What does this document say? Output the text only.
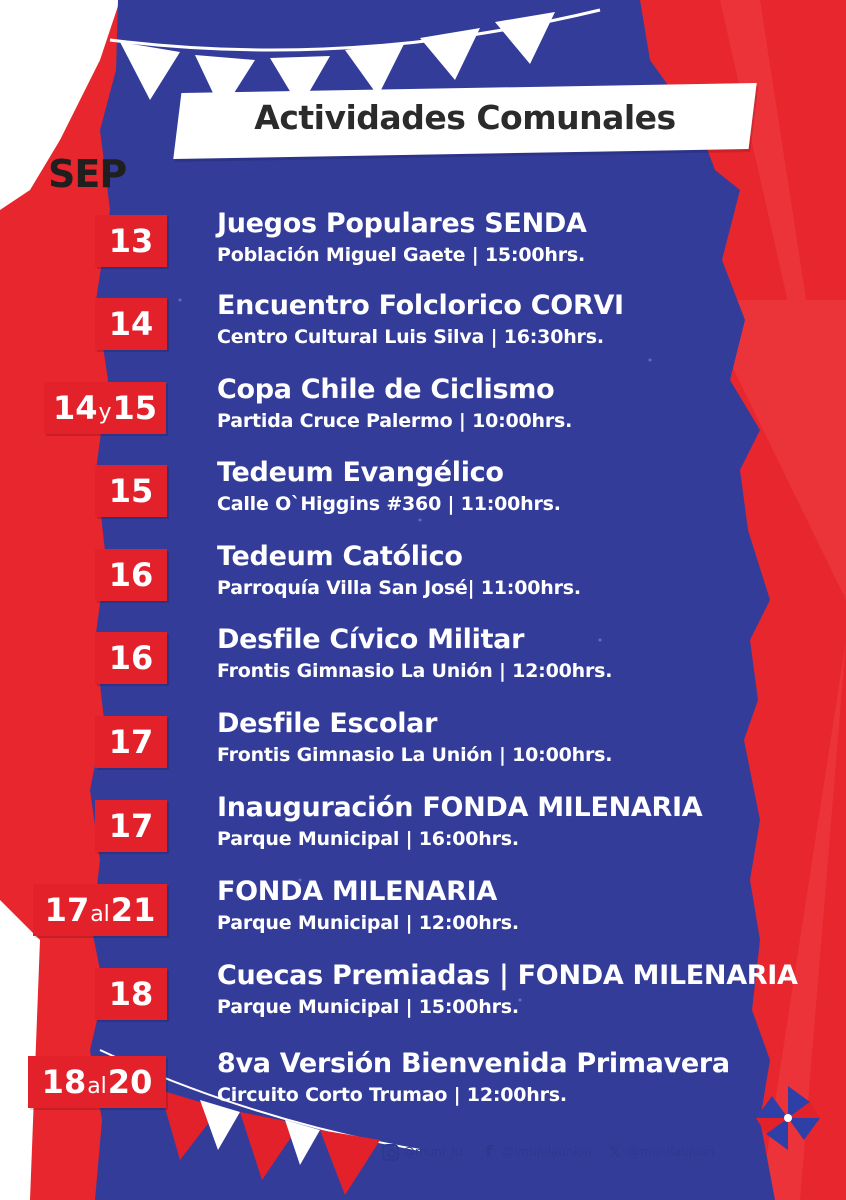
Actividades Comunales
SEP
13	Juegos Populares SENDA
Población Miguel Gaete | 15:00hrs.
14	Encuentro Folclorico CORVI
Centro Cultural Luis Silva | 16:30hrs.
14y15	Copa Chile de Ciclismo
Partida Cruce Palermo | 10:00hrs.
15	Tedeum Evangélico
Calle O`Higgins #360 | 11:00hrs.
16	Tedeum Católico
Parroquía Villa San José| 11:00hrs.
16	Desfile Cívico Militar
Frontis Gimnasio La Unión | 12:00hrs.
17	Desfile Escolar
Frontis Gimnasio La Unión | 10:00hrs.
17	Inauguración FONDA MILENARIA
Parque Municipal | 16:00hrs.
17al21	FONDA MILENARIA
Parque Municipal | 12:00hrs.
18	Cuecas Premiadas | FONDA MILENARIA
Parque Municipal | 15:00hrs.
18al20	8va Versión Bienvenida Primavera
Circuito Corto Trumao | 12:00hrs.
@muni_lu	f @imunilaunion 𝕏 @munilaunion
